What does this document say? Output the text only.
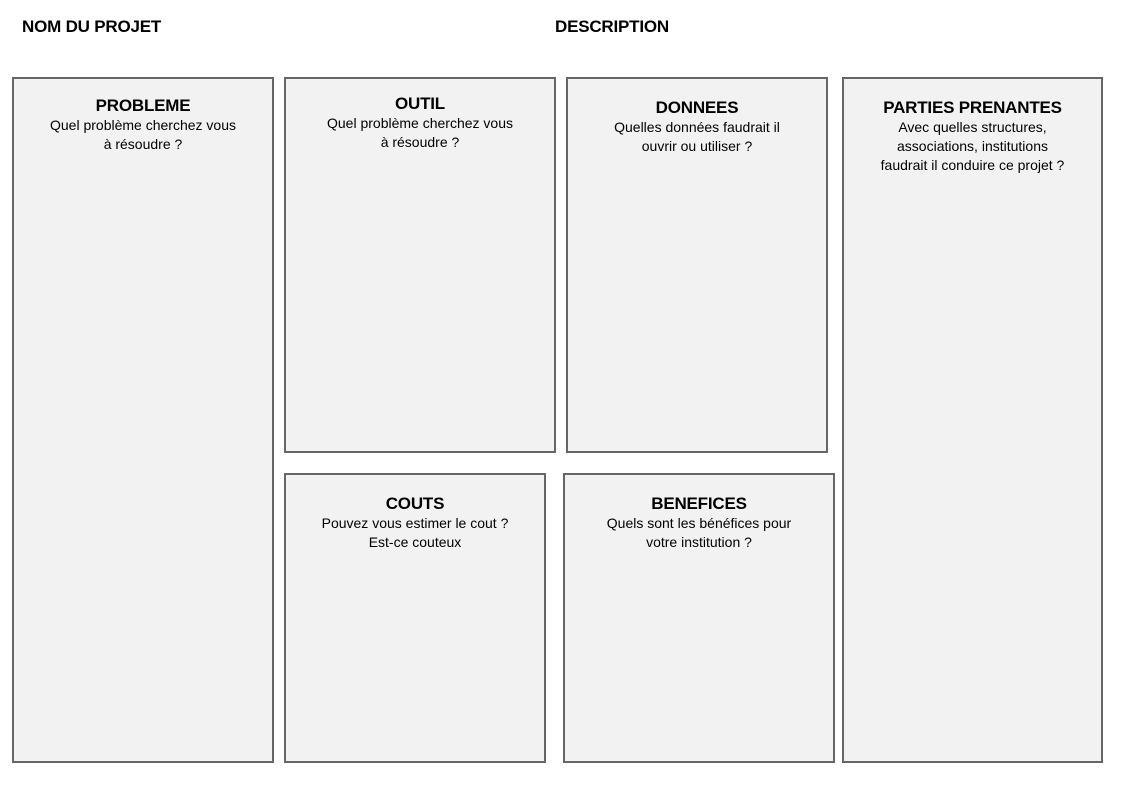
NOM DU PROJET	DESCRIPTION
PROBLEME
Quel problème cherchez vous
à résoudre ?
OUTIL
Quel problème cherchez vous
à résoudre ?
DONNEES
Quelles données faudrait il
ouvrir ou utiliser ?
PARTIES PRENANTES
Avec quelles structures,
associations, institutions
faudrait il conduire ce projet ?
COUTS
Pouvez vous estimer le cout ?
Est-ce couteux
BENEFICES
Quels sont les bénéfices pour
votre institution ?
